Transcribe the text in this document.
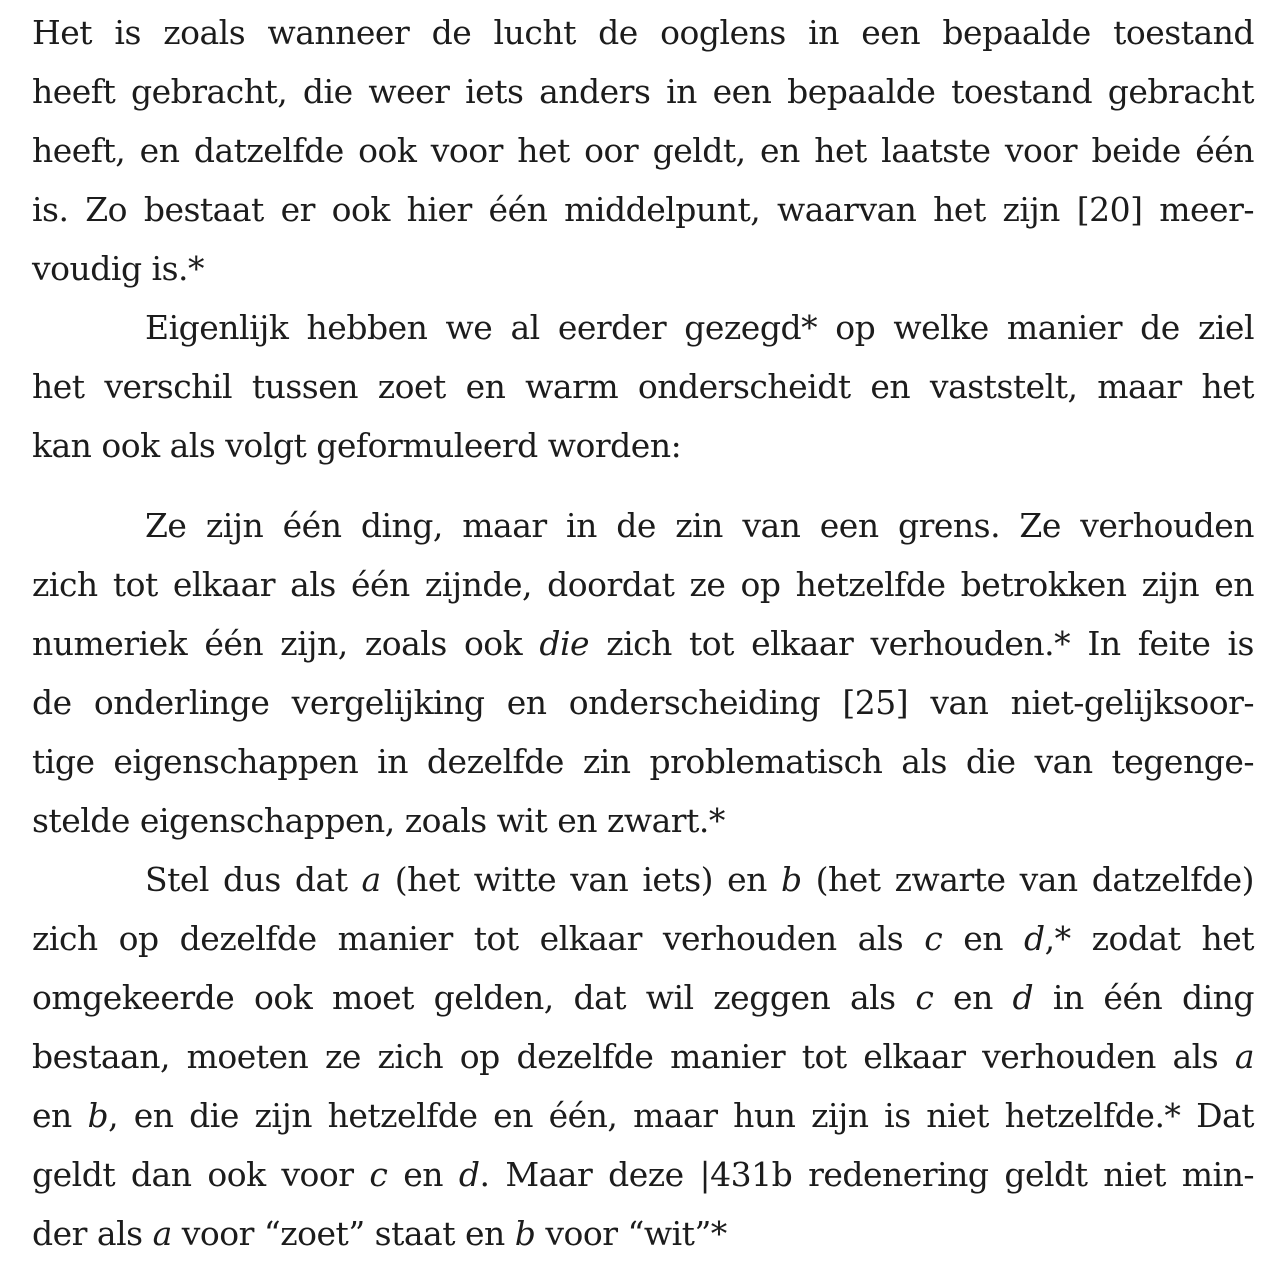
Het is zoals wanneer de lucht de ooglens in een bepaalde toestand
heeft gebracht, die weer iets anders in een bepaalde toestand gebracht
heeft, en datzelfde ook voor het oor geldt, en het laatste voor beide één
is. Zo bestaat er ook hier één middelpunt, waarvan het zijn [20] meer-
voudig is.*
Eigenlijk hebben we al eerder gezegd* op welke manier de ziel
het verschil tussen zoet en warm onderscheidt en vaststelt, maar het
kan ook als volgt geformuleerd worden:
Ze zijn één ding, maar in de zin van een grens. Ze verhouden
zich tot elkaar als één zijnde, doordat ze op hetzelfde betrokken zijn en
numeriek één zijn, zoals ook die zich tot elkaar verhouden.* In feite is
de onderlinge vergelijking en onderscheiding [25] van niet-gelijksoor-
tige eigenschappen in dezelfde zin problematisch als die van tegenge-
stelde eigenschappen, zoals wit en zwart.*
Stel dus dat a (het witte van iets) en b (het zwarte van datzelfde)
zich op dezelfde manier tot elkaar verhouden als c en d,* zodat het
omgekeerde ook moet gelden, dat wil zeggen als c en d in één ding
bestaan, moeten ze zich op dezelfde manier tot elkaar verhouden als a
en b, en die zijn hetzelfde en één, maar hun zijn is niet hetzelfde.* Dat
geldt dan ook voor c en d. Maar deze |431b redenering geldt niet min-
der als a voor “zoet” staat en b voor “wit”*
